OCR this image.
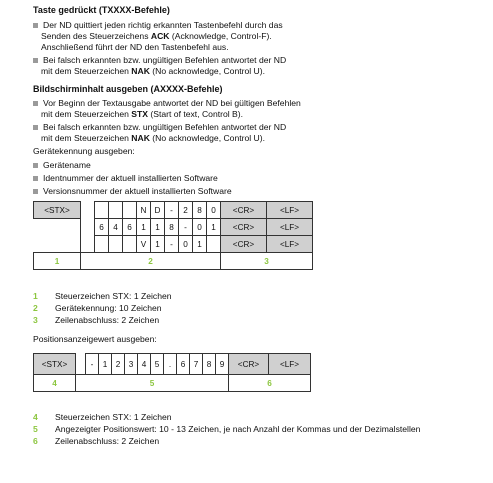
Taste gedrückt (TXXXX-Befehle)
Der ND quittiert jeden richtig erkannten Tastenbefehl durch das
Senden des Steuerzeichens ACK (Acknowledge, Control-F).
Anschließend führt der ND den Tastenbefehl aus.
Bei falsch erkannten bzw. ungültigen Befehlen antwortet der ND
mit dem Steuerzeichen NAK (No acknowledge, Control U).
Bildschirminhalt ausgeben (AXXXX-Befehle)
Vor Beginn der Textausgabe antwortet der ND bei gültigen Befehlen
mit dem Steuerzeichen STX (Start of text, Control B).
Bei falsch erkannten bzw. ungültigen Befehlen antwortet der ND
mit dem Steuerzeichen NAK (No acknowledge, Control U).
Gerätekennung ausgeben:
Gerätename
Identnummer der aktuell installierten Software
Versionsnummer der aktuell installierten Software
<STX>					N	D	-	2	8	0	<CR>	<LF>
		6	4	6	1	1	8	-	0	1	<CR>	<LF>
					V	1	-	0	1		<CR>	<LF>
1	2										3	
1 Steuerzeichen STX: 1 Zeichen
2 Gerätekennung: 10 Zeichen
3 Zeilenabschluss: 2 Zeichen
Positionsanzeigewert ausgeben:
<STX>		-	1	2	3	4	5	.	6	7	8	9	<CR>	<LF>
4	5												6	
4 Steuerzeichen STX: 1 Zeichen
5 Angezeigter Positionswert: 10 - 13 Zeichen, je nach Anzahl der Kommas und der Dezimalstellen
6 Zeilenabschluss: 2 Zeichen
